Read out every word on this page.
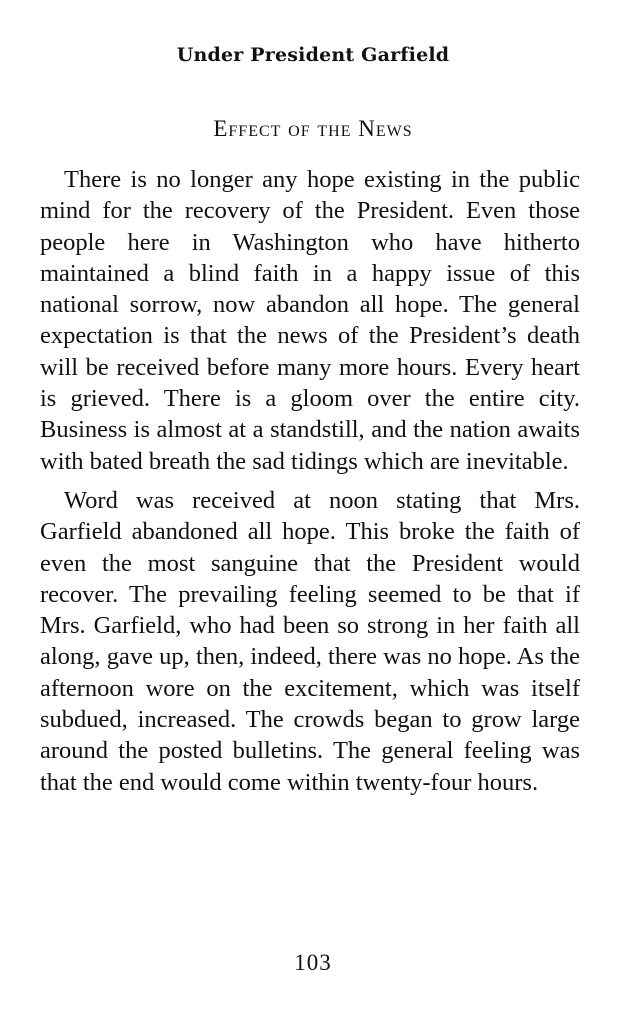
Under President Garfield
Effect of the News

There is no longer any hope existing in the public mind for the recovery of the President. Even those people here in Washington who have hitherto maintained a blind faith in a happy issue of this national sorrow, now abandon all hope. The general expectation is that the news of the President’s death will be received before many more hours. Every heart is grieved. There is a gloom over the entire city. Business is almost at a standstill, and the nation awaits with bated breath the sad tidings which are inevitable.

Word was received at noon stating that Mrs. Garfield abandoned all hope. This broke the faith of even the most sanguine that the President would recover. The prevailing feeling seemed to be that if Mrs. Garfield, who had been so strong in her faith all along, gave up, then, indeed, there was no hope. As the afternoon wore on the excitement, which was itself subdued, increased. The crowds began to grow large around the posted bulletins. The general feeling was that the end would come within twenty-four hours.

103
